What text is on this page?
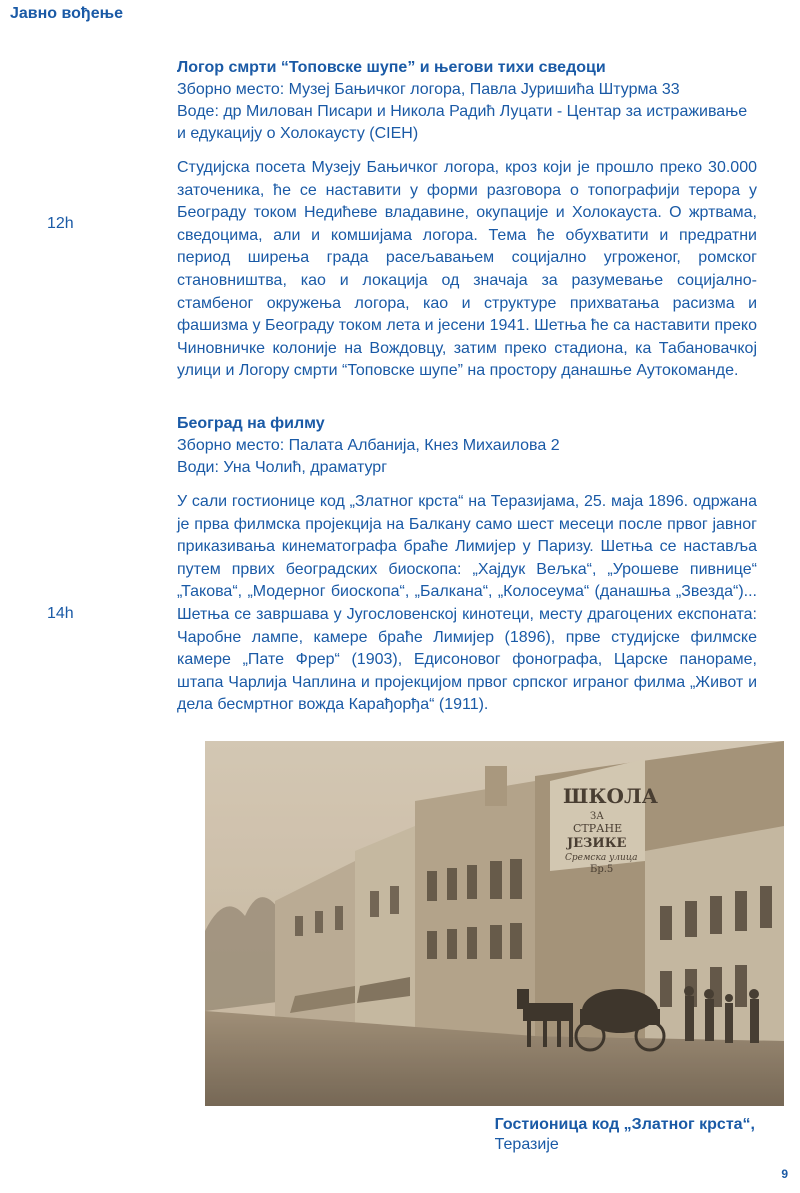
Јавно вођење
12h
Логор смрти “Топовске шупе” и његови тихи сведоци
Зборно место: Музеј Бањичког логора, Павла Јуришића Штурма 33
Воде: др Милован Писари и Никола Радић Луцати - Центар за истраживање и едукацију о Холокаусту (CIEH)
Студијска посета Музеју Бањичког логора, кроз који је прошло преко 30.000 заточеника, ће се наставити у форми разговора о топографији терора у Београду током Недићеве владавине, окупације и Холокауста. О жртвама, сведоцима, али и комшијама логора. Тема ће обухватити и предратни период ширења града расељавањем социјално угроженог, ромског становништва, као и локација од значаја за разумевање социјално-стамбеног окружења логора, као и структуре прихватања расизма и фашизма у Београду током лета и јесени 1941. Шетња ће са наставити преко Чиновничке колоније на Вождовцу, затим преко стадиона, ка Табановачкој улици и Логору смрти “Топовске шупе” на простору данашње Аутокоманде.
14h
Београд на филму
Зборно место: Палата Албанија, Кнез Михаилова 2
Води: Уна Чолић, драматург
У сали гостионице код „Златног крста“ на Теразијама, 25. маја 1896. одржана је прва филмска пројекција на Балкану само шест месеци после првог јавног приказивања кинематографа браће Лимијер у Паризу. Шетња се наставља путем првих београдских биоскопа: „Хајдук Вељка“, „Урошеве пивнице“ „Такова“, „Модерног биоскопа“, „Балкана“, „Колосеума“ (данашња „Звезда“)... Шетња се завршава у Југословенској кинотеци, месту драгоцених експоната: Чаробне лампе, камере браће Лимијер (1896), прве студијске филмске камере „Пате Фрер“ (1903), Едисоновог фонографа, Царске панораме, штапа Чарлија Чаплина и пројекцијом првог српског играног филма „Живот и дела бесмртног вожда Карађорђа“ (1911).
ШКОЛА
ЗА
СТРАНЕ
ЈЕЗИКЕ
Сремска улица
Бр.5
Гостионица код „Златног крста“,
Теразије
9
